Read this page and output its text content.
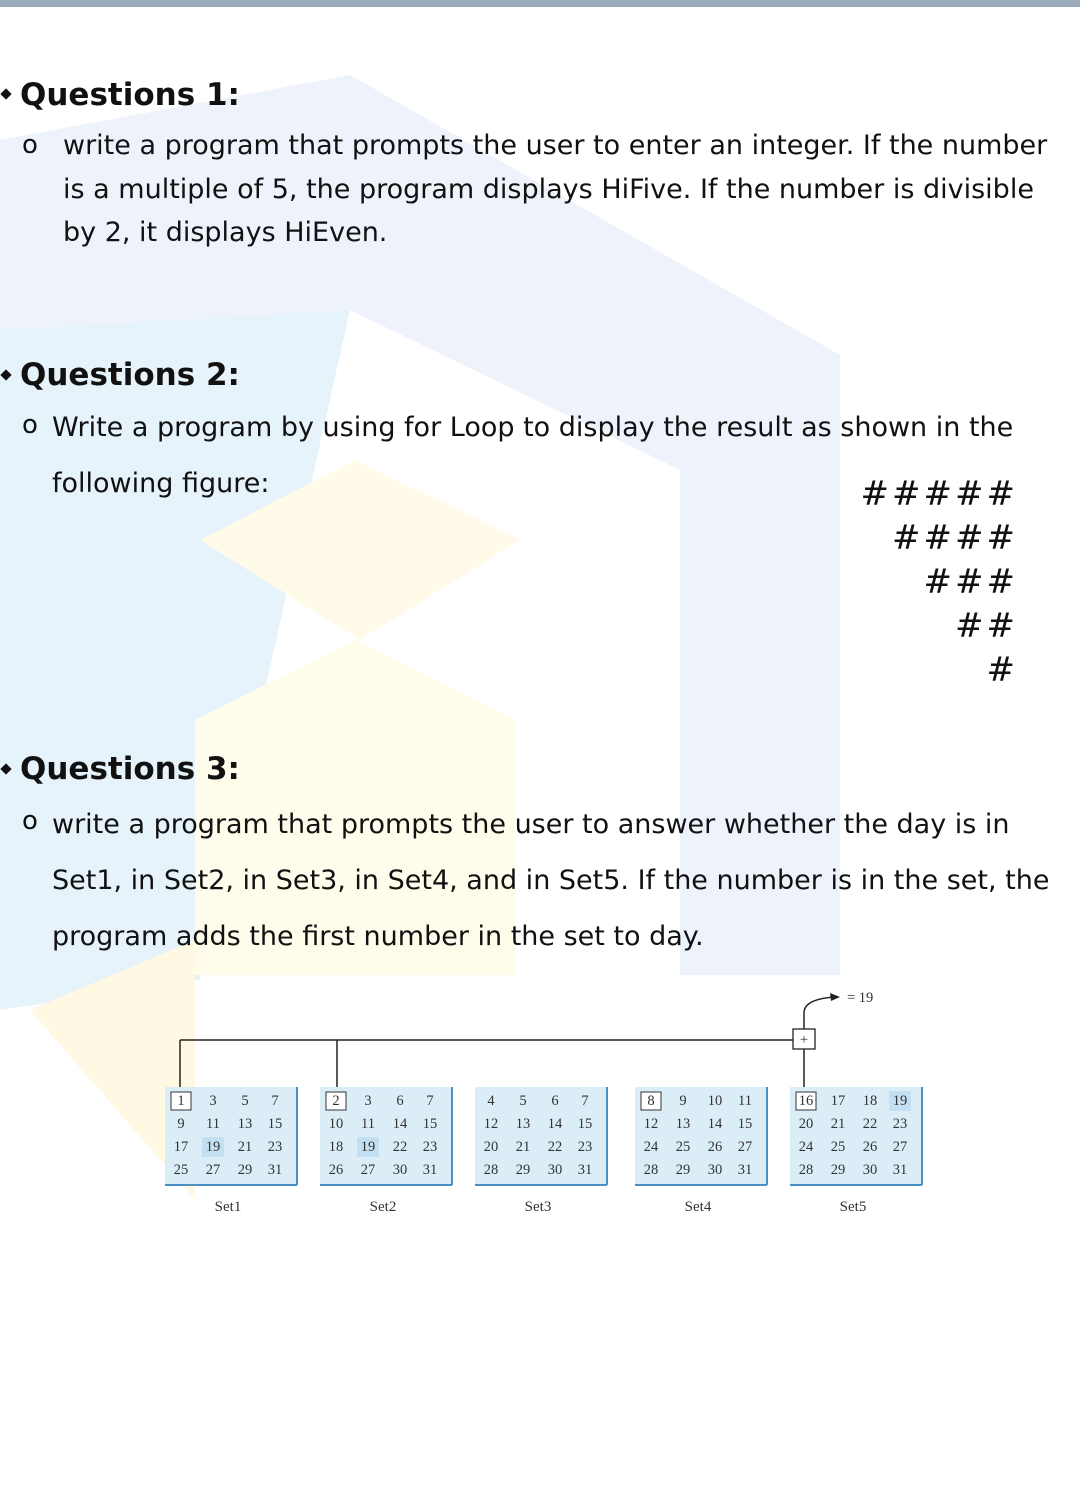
Questions 1:
o write a program that prompts the user to enter an integer. If the number is a multiple of 5, the program displays HiFive. If the number is divisible by 2, it displays HiEven.

Questions 2:
o Write a program by using for Loop to display the result as shown in the following figure:	#####
####
###
##
#
Questions 3:
o write a program that prompts the user to answer whether the day is in Set1, in Set2, in Set3, in Set4, and in Set5. If the number is in the set, the program adds the first number in the set to day.

+
= 19
1 3 5 7
9 11 13 15
17 19 21 23
25 27 29 31
Set1
2 3 6 7
10 11 14 15
18 19 22 23
26 27 30 31
Set2
4 5 6 7
12 13 14 15
20 21 22 23
28 29 30 31
Set3
8 9 10 11
12 13 14 15
24 25 26 27
28 29 30 31
Set4
16 17 18 19
20 21 22 23
24 25 26 27
28 29 30 31
Set5
